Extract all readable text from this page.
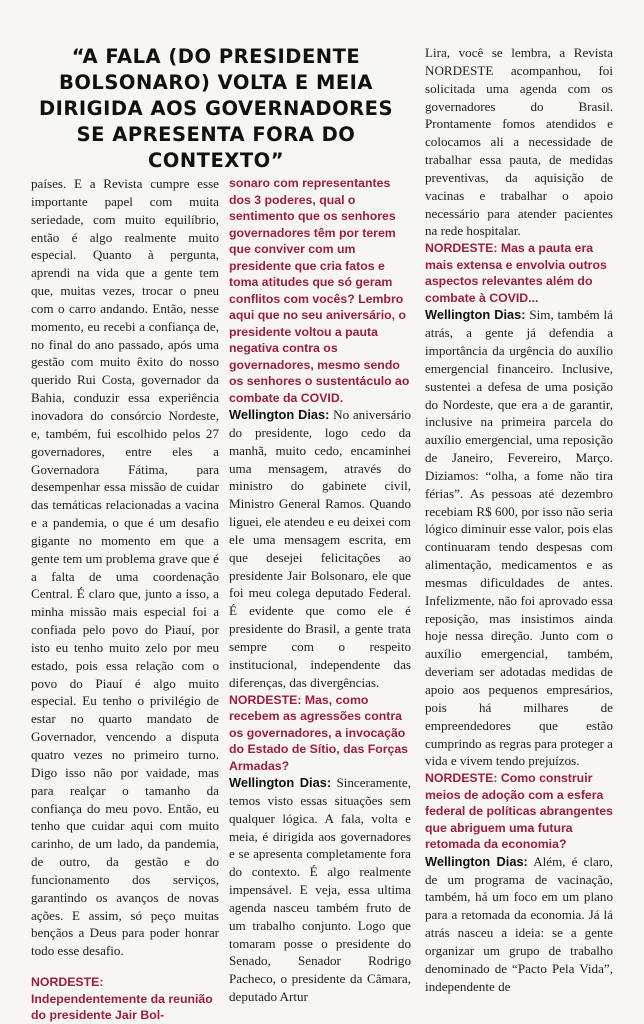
“A FALA (DO PRESIDENTE BOLSONARO) VOLTA E MEIA DIRIGIDA AOS GOVERNADORES SE APRESENTA FORA DO CONTEXTO”

países. E a Revista cumpre esse importante papel com muita seriedade, com muito equilíbrio, então é algo realmente muito especial. Quanto à pergunta, aprendi na vida que a gente tem que, muitas vezes, trocar o pneu com o carro andando. Então, nesse momento, eu recebi a confiança de, no final do ano passado, após uma gestão com muito êxito do nosso querido Rui Costa, governador da Bahia, conduzir essa experiência inovadora do consórcio Nordeste, e, também, fui escolhido pelos 27 governadores, entre eles a Governadora Fátima, para desempenhar essa missão de cuidar das temáticas relacionadas a vacina e a pandemia, o que é um desafio gigante no momento em que a gente tem um problema grave que é a falta de uma coordenação Central. É claro que, junto a isso, a minha missão mais especial foi a confiada pelo povo do Piauí, por isto eu tenho muito zelo por meu estado, pois essa relação com o povo do Piauí é algo muito especial. Eu tenho o privilégio de estar no quarto mandato de Governador, vencendo a disputa quatro vezes no primeiro turno. Digo isso não por vaidade, mas para realçar o tamanho da confiança do meu povo. Então, eu tenho que cuidar aqui com muito carinho, de um lado, da pandemia, de outro, da gestão e do funcionamento dos serviços, garantindo os avanços de novas ações. E assim, só peço muitas bençãos a Deus para poder honrar todo esse desafio.

NORDESTE: Independentemente da reunião do presidente Jair Bol-

sonaro com representantes dos 3 poderes, qual o sentimento que os senhores governadores têm por terem que conviver com um presidente que cria fatos e toma atitudes que só geram conflitos com vocês? Lembro aqui que no seu aniversário, o presidente voltou a pauta negativa contra os governadores, mesmo sendo os senhores o sustentáculo ao combate da COVID.

Wellington Dias: No aniversário do presidente, logo cedo da manhã, muito cedo, encaminhei uma mensagem, através do ministro do gabinete civil, Ministro General Ramos. Quando liguei, ele atendeu e eu deixei com ele uma mensagem escrita, em que desejei felicitações ao presidente Jair Bolsonaro, ele que foi meu colega deputado Federal. É evidente que como ele é presidente do Brasil, a gente trata sempre com o respeito institucional, independente das diferenças, das divergências.

NORDESTE: Mas, como recebem as agressões contra os governadores, a invocação do Estado de Sítio, das Forças Armadas?

Wellington Dias: Sinceramente, temos visto essas situações sem qualquer lógica. A fala, volta e meia, é dirigida aos governadores e se apresenta completamente fora do contexto. É algo realmente impensável. E veja, essa ultima agenda nasceu também fruto de um trabalho conjunto. Logo que tomaram posse o presidente do Senado, Senador Rodrigo Pacheco, o presidente da Câmara, deputado Artur

Lira, você se lembra, a Revista NORDESTE acompanhou, foi solicitada uma agenda com os governadores do Brasil. Prontamente fomos atendidos e colocamos ali a necessidade de trabalhar essa pauta, de medidas preventivas, da aquisição de vacinas e trabalhar o apoio necessário para atender pacientes na rede hospitalar.

NORDESTE: Mas a pauta era mais extensa e envolvia outros aspectos relevantes além do combate à COVID...

Wellington Dias: Sim, também lá atrás, a gente já defendia a importância da urgência do auxílio emergencial financeiro. Inclusive, sustentei a defesa de uma posição do Nordeste, que era a de garantir, inclusive na primeira parcela do auxílio emergencial, uma reposição de Janeiro, Fevereiro, Março. Diziamos: “olha, a fome não tira férias”. As pessoas até dezembro recebiam R$ 600, por isso não seria lógico diminuir esse valor, pois elas continuaram tendo despesas com alimentação, medicamentos e as mesmas dificuldades de antes. Infelizmente, não foi aprovado essa reposição, mas insistimos ainda hoje nessa direção. Junto com o auxílio emergencial, também, deveriam ser adotadas medidas de apoio aos pequenos empresários, pois há milhares de empreendedores que estão cumprindo as regras para proteger a vida e vivem tendo prejuízos.

NORDESTE: Como construir meios de adoção com a esfera federal de políticas abrangentes que abriguem uma futura retomada da economia?

Wellington Dias: Além, é claro, de um programa de vacinação, também, há um foco em um plano para a retomada da economia. Já lá atrás nasceu a ideia: se a gente organizar um grupo de trabalho denominado de “Pacto Pela Vida”, independente de
